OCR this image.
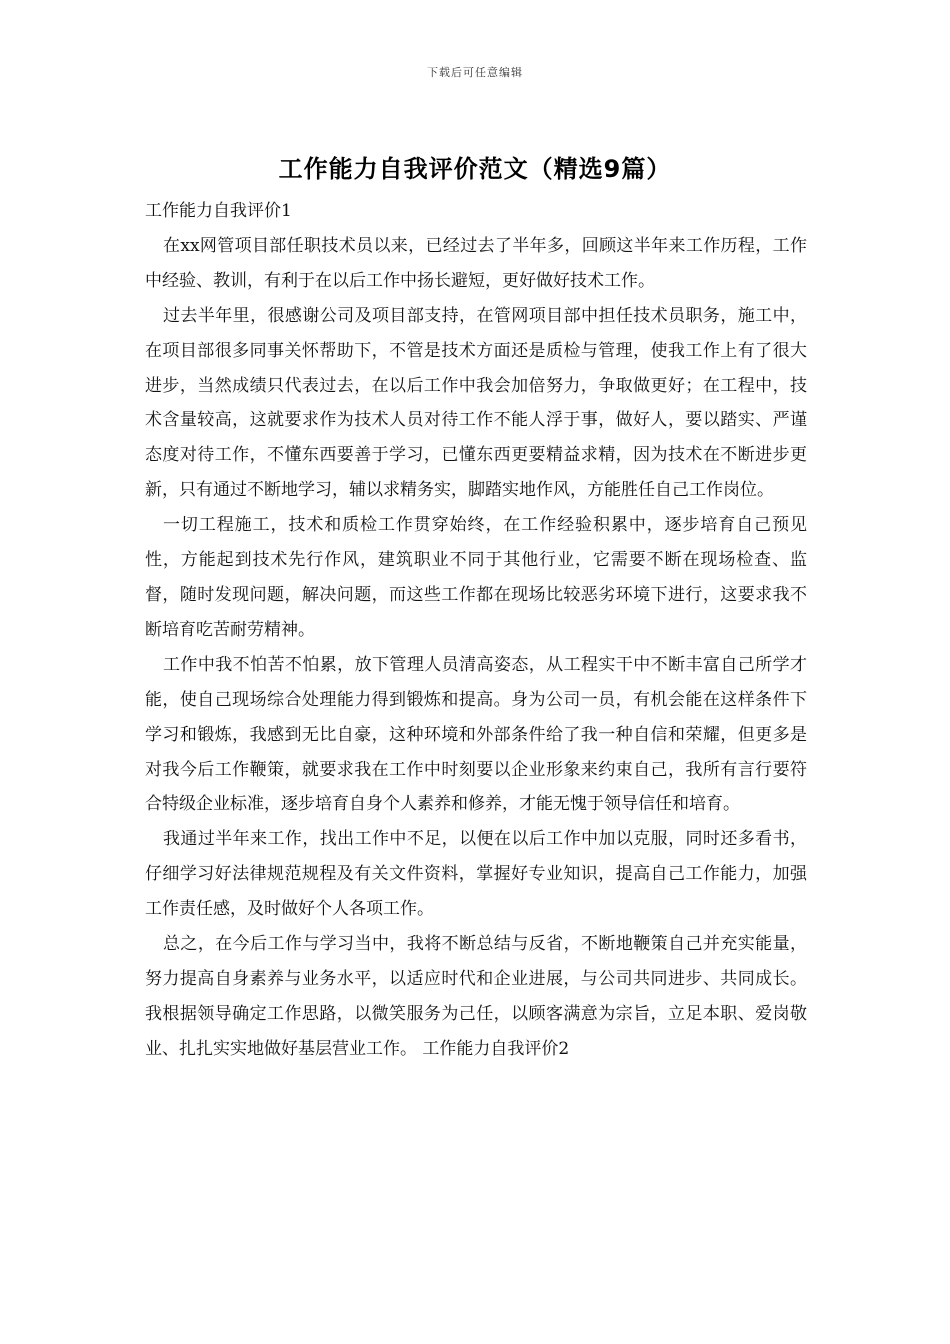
下载后可任意编辑
工作能力自我评价范文（精选9篇）

工作能力自我评价1

在xx网管项目部任职技术员以来，已经过去了半年多，回顾这半年来工作历程，工作中经验、教训，有利于在以后工作中扬长避短，更好做好技术工作。

过去半年里，很感谢公司及项目部支持，在管网项目部中担任技术员职务，施工中，在项目部很多同事关怀帮助下，不管是技术方面还是质检与管理，使我工作上有了很大进步，当然成绩只代表过去，在以后工作中我会加倍努力，争取做更好；在工程中，技术含量较高，这就要求作为技术人员对待工作不能人浮于事，做好人，要以踏实、严谨态度对待工作，不懂东西要善于学习，已懂东西更要精益求精，因为技术在不断进步更新，只有通过不断地学习，辅以求精务实，脚踏实地作风，方能胜任自己工作岗位。

一切工程施工，技术和质检工作贯穿始终，在工作经验积累中，逐步培育自己预见性，方能起到技术先行作风，建筑职业不同于其他行业，它需要不断在现场检查、监督，随时发现问题，解决问题，而这些工作都在现场比较恶劣环境下进行，这要求我不断培育吃苦耐劳精神。

工作中我不怕苦不怕累，放下管理人员清高姿态，从工程实干中不断丰富自己所学才能，使自己现场综合处理能力得到锻炼和提高。身为公司一员，有机会能在这样条件下学习和锻炼，我感到无比自豪，这种环境和外部条件给了我一种自信和荣耀，但更多是对我今后工作鞭策，就要求我在工作中时刻要以企业形象来约束自己，我所有言行要符合特级企业标准，逐步培育自身个人素养和修养，才能无愧于领导信任和培育。

我通过半年来工作，找出工作中不足，以便在以后工作中加以克服，同时还多看书，仔细学习好法律规范规程及有关文件资料，掌握好专业知识，提高自己工作能力，加强工作责任感，及时做好个人各项工作。

总之，在今后工作与学习当中，我将不断总结与反省，不断地鞭策自己并充实能量，努力提高自身素养与业务水平，以适应时代和企业进展，与公司共同进步、共同成长。我根据领导确定工作思路，以微笑服务为己任，以顾客满意为宗旨，立足本职、爱岗敬业、扎扎实实地做好基层营业工作。 工作能力自我评价2
